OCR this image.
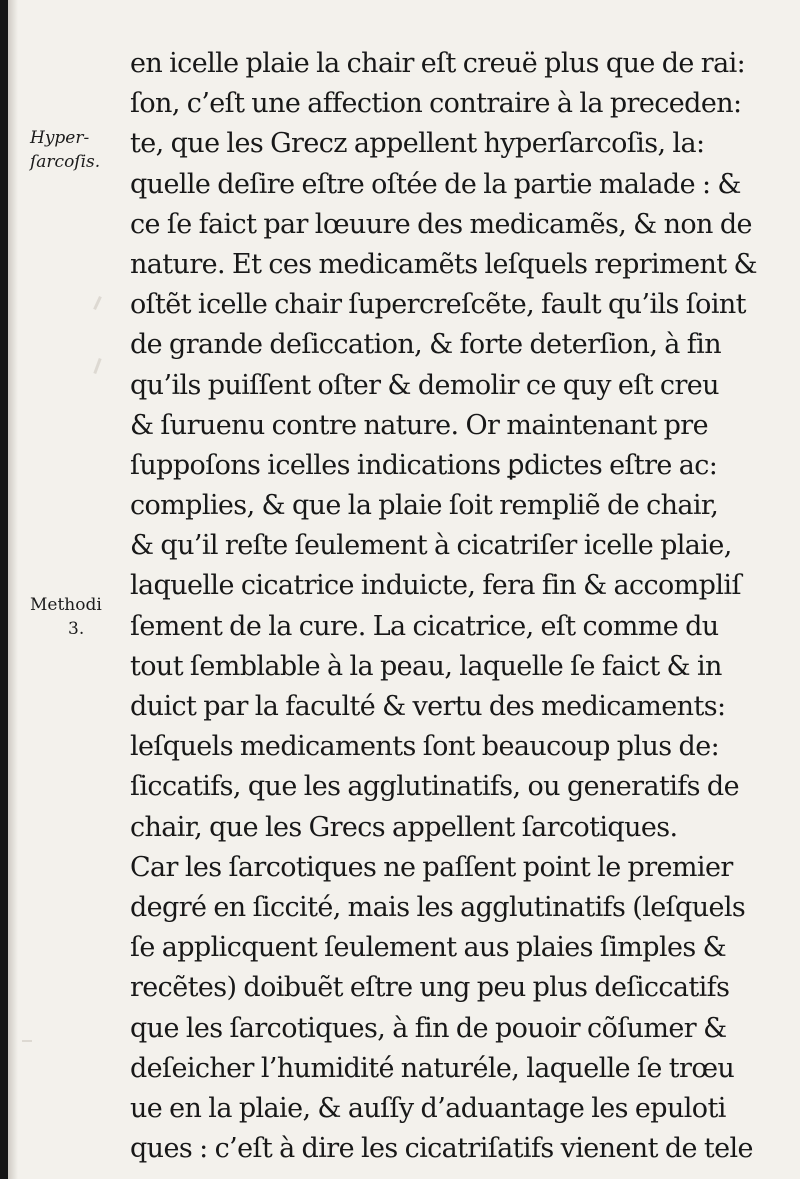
Hyper-
ſarcoſis.
Methodi
3.
en icelle plaie la chair eſt creuë plus que de rai:
ſon, c’eſt une affection contraire à la preceden:
te, que les Grecz appellent hyperſarcoſis, la:
quelle deſire eſtre oſtée de la partie malade : &
ce ſe faict par lœuure des medicamẽs, & non de
nature. Et ces medicamẽts leſquels repriment &
oſtẽt icelle chair ſupercreſcẽte, fault qu’ils ſoint
de grande deſiccation, & forte deterſion, à fin
qu’ils puiſſent oſter & demolir ce quy eſt creu
& ſuruenu contre nature. Or maintenant pre
ſuppoſons icelles indications ꝑdictes eſtre ac:
complies, & que la plaie ſoit rempliẽ de chair,
& qu’il reſte ſeulement à cicatriſer icelle plaie,
laquelle cicatrice induicte, fera fin & accompliſ
ſement de la cure. La cicatrice, eſt comme du
tout ſemblable à la peau, laquelle ſe faict & in
duict par la faculté & vertu des medicaments:
leſquels medicaments ſont beaucoup plus de:
ſiccatifs, que les agglutinatifs, ou generatifs de
chair, que les Grecs appellent ſarcotiques.
Car les ſarcotiques ne paſſent point le premier
degré en ſiccité, mais les agglutinatifs (leſquels
ſe applicquent ſeulement aus plaies ſimples &
recẽtes) doibuẽt eſtre ung peu plus deſiccatifs
que les ſarcotiques, à fin de pouoir cõſumer &
deſeicher l’humidité naturéle, laquelle ſe trœu
ue en la plaie, & auſſy d’aduantage les epuloti
ques : c’eſt à dire les cicatriſatifs vienent de tele
